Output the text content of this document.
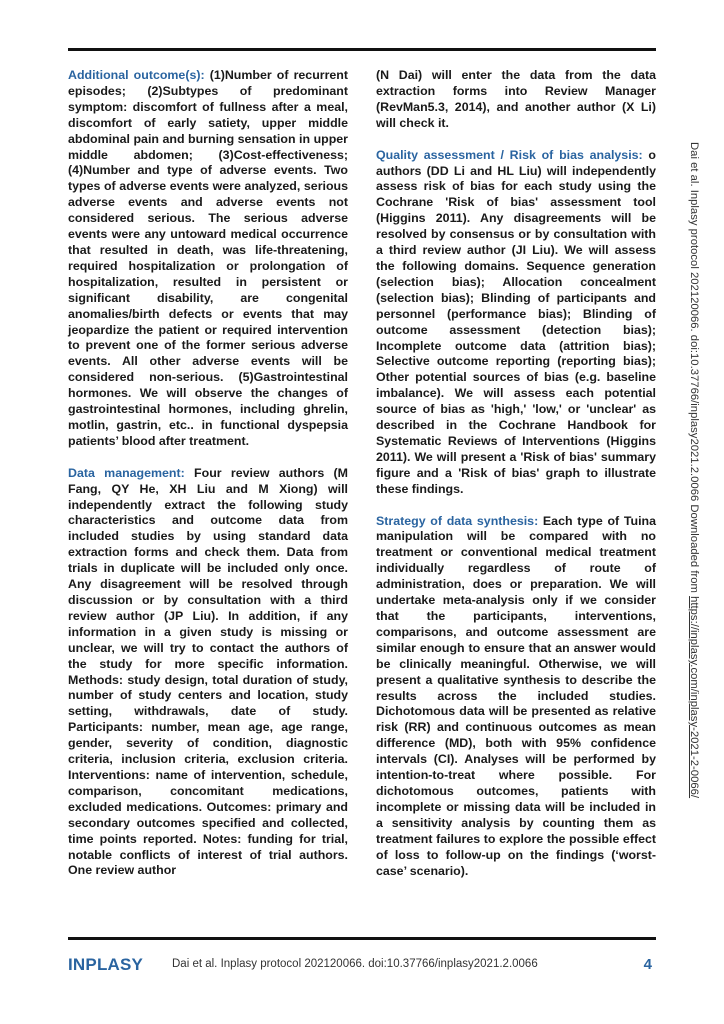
Additional outcome(s): (1)Number of recurrent episodes; (2)Subtypes of predominant symptom: discomfort of fullness after a meal, discomfort of early satiety, upper middle abdominal pain and burning sensation in upper middle abdomen; (3)Cost-effectiveness; (4)Number and type of adverse events. Two types of adverse events were analyzed, serious adverse events and adverse events not considered serious. The serious adverse events were any untoward medical occurrence that resulted in death, was life-threatening, required hospitalization or prolongation of hospitalization, resulted in persistent or significant disability, are congenital anomalies/birth defects or events that may jeopardize the patient or required intervention to prevent one of the former serious adverse events. All other adverse events will be considered non-serious. (5)Gastrointestinal hormones. We will observe the changes of gastrointestinal hormones, including ghrelin, motlin, gastrin, etc.. in functional dyspepsia patients’ blood after treatment.

Data management: Four review authors (M Fang, QY He, XH Liu and M Xiong) will independently extract the following study characteristics and outcome data from included studies by using standard data extraction forms and check them. Data from trials in duplicate will be included only once. Any disagreement will be resolved through discussion or by consultation with a third review author (JP Liu). In addition, if any information in a given study is missing or unclear, we will try to contact the authors of the study for more specific information. Methods: study design, total duration of study, number of study centers and location, study setting, withdrawals, date of study. Participants: number, mean age, age range, gender, severity of condition, diagnostic criteria, inclusion criteria, exclusion criteria. Interventions: name of intervention, schedule, comparison, concomitant medications, excluded medications. Outcomes: primary and secondary outcomes specified and collected, time points reported. Notes: funding for trial, notable conflicts of interest of trial authors. One review author

(N Dai) will enter the data from the data extraction forms into Review Manager (RevMan5.3, 2014), and another author (X Li) will check it.

Quality assessment / Risk of bias analysis: o authors (DD Li and HL Liu) will independently assess risk of bias for each study using the Cochrane 'Risk of bias' assessment tool (Higgins 2011). Any disagreements will be resolved by consensus or by consultation with a third review author (JI Liu). We will assess the following domains. Sequence generation (selection bias); Allocation concealment (selection bias); Blinding of participants and personnel (performance bias); Blinding of outcome assessment (detection bias); Incomplete outcome data (attrition bias); Selective outcome reporting (reporting bias); Other potential sources of bias (e.g. baseline imbalance). We will assess each potential source of bias as 'high,' 'low,' or 'unclear' as described in the Cochrane Handbook for Systematic Reviews of Interventions (Higgins 2011). We will present a 'Risk of bias' summary figure and a 'Risk of bias' graph to illustrate these findings.

Strategy of data synthesis: Each type of Tuina manipulation will be compared with no treatment or conventional medical treatment individually regardless of route of administration, does or preparation. We will undertake meta-analysis only if we consider that the participants, interventions, comparisons, and outcome assessment are similar enough to ensure that an answer would be clinically meaningful. Otherwise, we will present a qualitative synthesis to describe the results across the included studies. Dichotomous data will be presented as relative risk (RR) and continuous outcomes as mean difference (MD), both with 95% confidence intervals (CI). Analyses will be performed by intention-to-treat where possible. For dichotomous outcomes, patients with incomplete or missing data will be included in a sensitivity analysis by counting them as treatment failures to explore the possible effect of loss to follow-up on the findings (‘worst-case’ scenario).

INPLASY	Dai et al. Inplasy protocol 202120066. doi:10.37766/inplasy2021.2.0066	4
Dai et al. Inplasy protocol 202120066. doi:10.37766/inplasy2021.2.0066 Downloaded from https://inplasy.com/inplasy-2021-2-0066/
